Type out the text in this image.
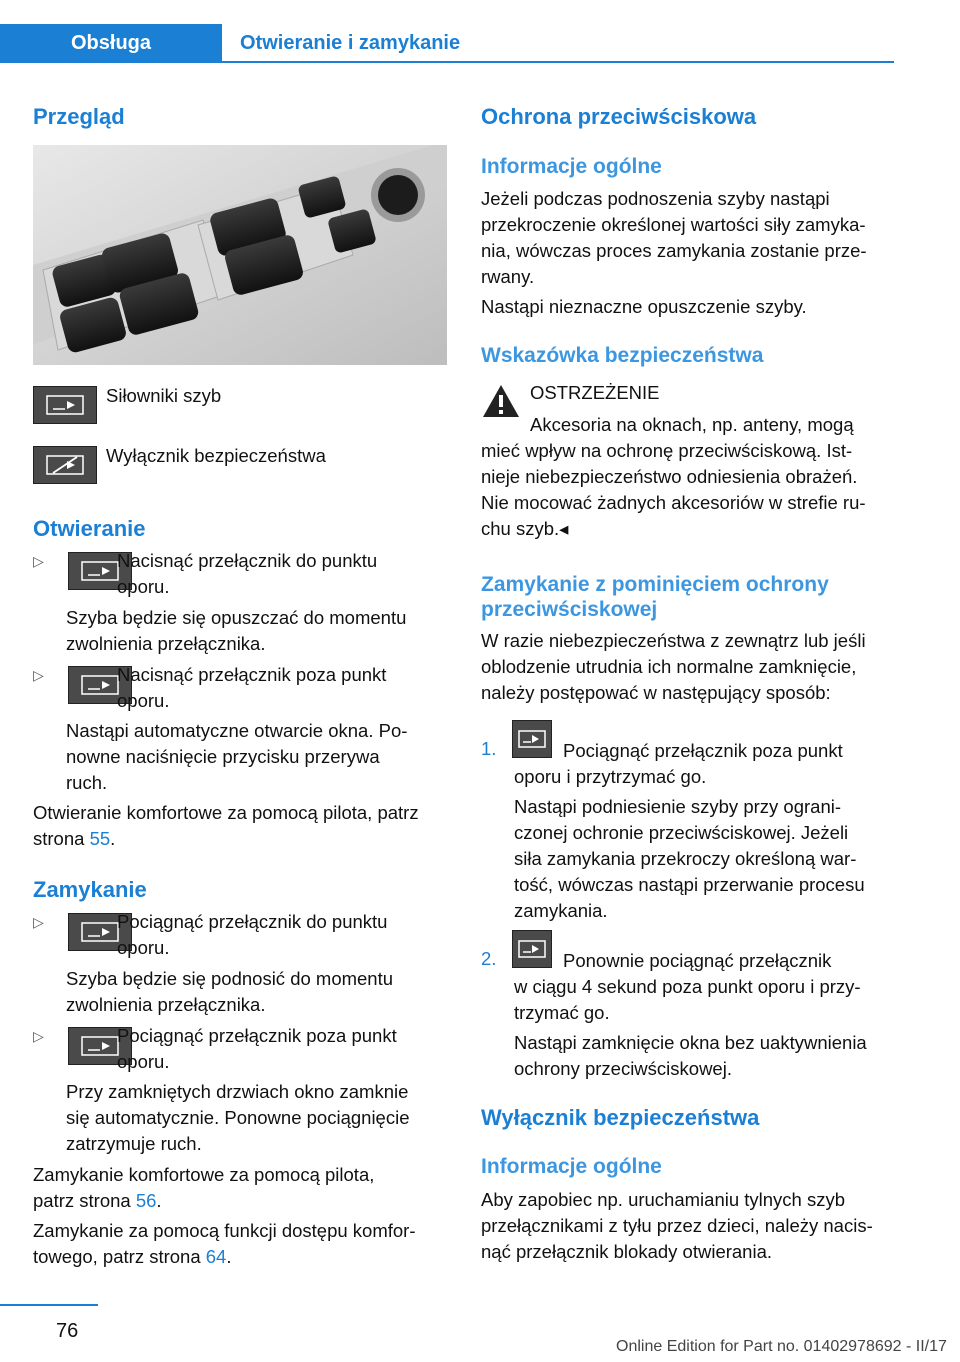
Obsługa	Otwieranie i zamykanie
Przegląd
Siłowniki szyb
Wyłącznik bezpieczeństwa
Otwieranie
▷	Nacisnąć przełącznik do punktu
oporu.
Szyba będzie się opuszczać do momentu
zwolnienia przełącznika.
▷	Nacisnąć przełącznik poza punkt
oporu.
Nastąpi automatyczne otwarcie okna. Po-
nowne naciśnięcie przycisku przerywa
ruch.
Otwieranie komfortowe za pomocą pilota, patrz
strona 55.
Zamykanie
▷	Pociągnąć przełącznik do punktu
oporu.
Szyba będzie się podnosić do momentu
zwolnienia przełącznika.
▷	Pociągnąć przełącznik poza punkt
oporu.
Przy zamkniętych drzwiach okno zamknie
się automatycznie. Ponowne pociągnięcie
zatrzymuje ruch.
Zamykanie komfortowe za pomocą pilota,
patrz strona 56.
Zamykanie za pomocą funkcji dostępu komfor-
towego, patrz strona 64.
Ochrona przeciwściskowa
Informacje ogólne
Jeżeli podczas podnoszenia szyby nastąpi
przekroczenie określonej wartości siły zamyka-
nia, wówczas proces zamykania zostanie prze-
rwany.
Nastąpi nieznaczne opuszczenie szyby.
Wskazówka bezpieczeństwa
OSTRZEŻENIE
Akcesoria na oknach, np. anteny, mogą
mieć wpływ na ochronę przeciwściskową. Ist-
nieje niebezpieczeństwo odniesienia obrażeń.
Nie mocować żadnych akcesoriów w strefie ru-
chu szyb.◂
Zamykanie z pominięciem ochrony
przeciwściskowej
W razie niebezpieczeństwa z zewnątrz lub jeśli
oblodzenie utrudnia ich normalne zamknięcie,
należy postępować w następujący sposób:
1.	Pociągnąć przełącznik poza punkt
oporu i przytrzymać go.
Nastąpi podniesienie szyby przy ograni-
czonej ochronie przeciwściskowej. Jeżeli
siła zamykania przekroczy określoną war-
tość, wówczas nastąpi przerwanie procesu
zamykania.
2.	Ponownie pociągnąć przełącznik
w ciągu 4 sekund poza punkt oporu i przy-
trzymać go.
Nastąpi zamknięcie okna bez uaktywnienia
ochrony przeciwściskowej.
Wyłącznik bezpieczeństwa
Informacje ogólne
Aby zapobiec np. uruchamianiu tylnych szyb
przełącznikami z tyłu przez dzieci, należy nacis-
nąć przełącznik blokady otwierania.
76
Online Edition for Part no. 01402978692 - II/17
